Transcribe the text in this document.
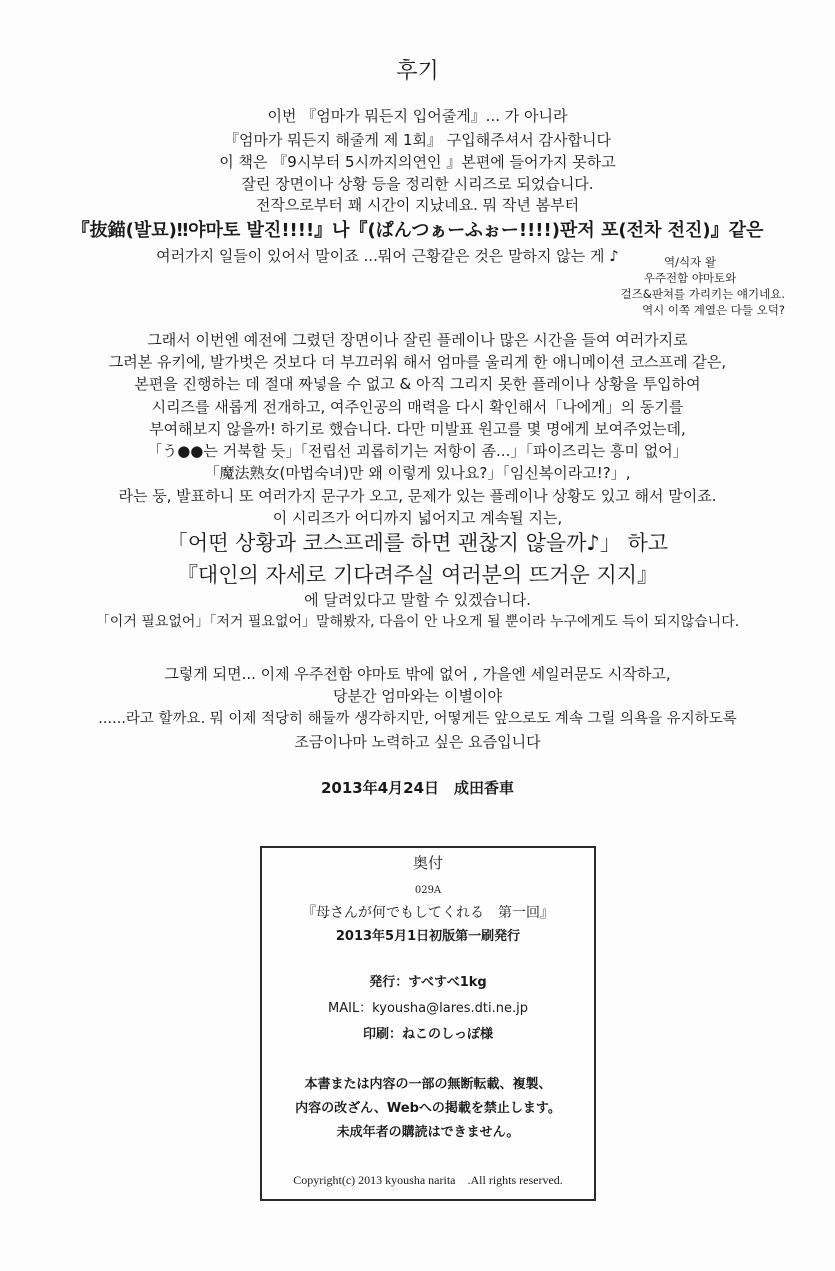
후기
이번 『엄마가 뭐든지 입어줄게』... 가 아니라
『엄마가 뭐든지 해줄게 제 1회』 구입해주셔서 감사합니다
이 책은 『9시부터 5시까지의연인 』본편에 들어가지 못하고
잘린 장면이나 상황 등을 정리한 시리즈로 되었습니다.
전작으로부터 꽤 시간이 지났네요. 뭐 작년 봄부터
『抜錨(발묘)‼야마토 발진!!!!』나『(ぱんつぁーふぉー!!!!)판저 포(전차 전진)』같은
여러가지 일들이 있어서 말이죠 ...뭐어 근황같은 것은 말하지 않는 게 ♪	역/식자 왈
우주전함 야마토와
걸즈&판쳐를 가리키는 얘기네요.
역시 이쪽 계열은 다들 오덕?
그래서 이번엔 예전에 그렸던 장면이나 잘린 플레이나 많은 시간을 들여 여러가지로
그려본 유키에, 발가벗은 것보다 더 부끄러워 해서 엄마를 울리게 한 애니메이션 코스프레 같은,
본편을 진행하는 데 절대 짜넣을 수 없고 & 아직 그리지 못한 플레이나 상황을 투입하여
시리즈를 새롭게 전개하고, 여주인공의 매력을 다시 확인해서「나에게」의 동기를
부여해보지 않을까! 하기로 했습니다. 다만 미발표 원고를 몇 명에게 보여주었는데,
「う●●는 거북할 듯」「전립선 괴롭히기는 저항이 좀...」「파이즈리는 흥미 없어」
「魔法熟女(마법숙녀)만 왜 이렇게 있나요?」「임신복이라고!?」,
라는 둥, 발표하니 또 여러가지 문구가 오고, 문제가 있는 플레이나 상황도 있고 해서 말이죠.
이 시리즈가 어디까지 넓어지고 계속될 지는,
「어떤 상황과 코스프레를 하면 괜찮지 않을까♪」 하고
『대인의 자세로 기다려주실 여러분의 뜨거운 지지』
에 달려있다고 말할 수 있겠습니다.
「이거 필요없어」「저거 필요없어」말해봤자, 다음이 안 나오게 될 뿐이라 누구에게도 득이 되지않습니다.
그렇게 되면... 이제 우주전함 야마토 밖에 없어 , 가을엔 세일러문도 시작하고,
당분간 엄마와는 이별이야
......라고 할까요. 뭐 이제 적당히 해둘까 생각하지만, 어떻게든 앞으로도 계속 그릴 의욕을 유지하도록
조금이나마 노력하고 싶은 요즘입니다
2013年4月24日　成田香車
奥付
029A
『母さんが何でもしてくれる　第一回』
2013年5月1日初版第一刷発行
発行：すべすべ1kg
MAIL：kyousha@lares.dti.ne.jp
印刷：ねこのしっぽ様
本書または内容の一部の無断転載、複製、
内容の改ざん、Webへの掲載を禁止します。
未成年者の購読はできません。
Copyright(c) 2013 kyousha narita　.All rights reserved.
